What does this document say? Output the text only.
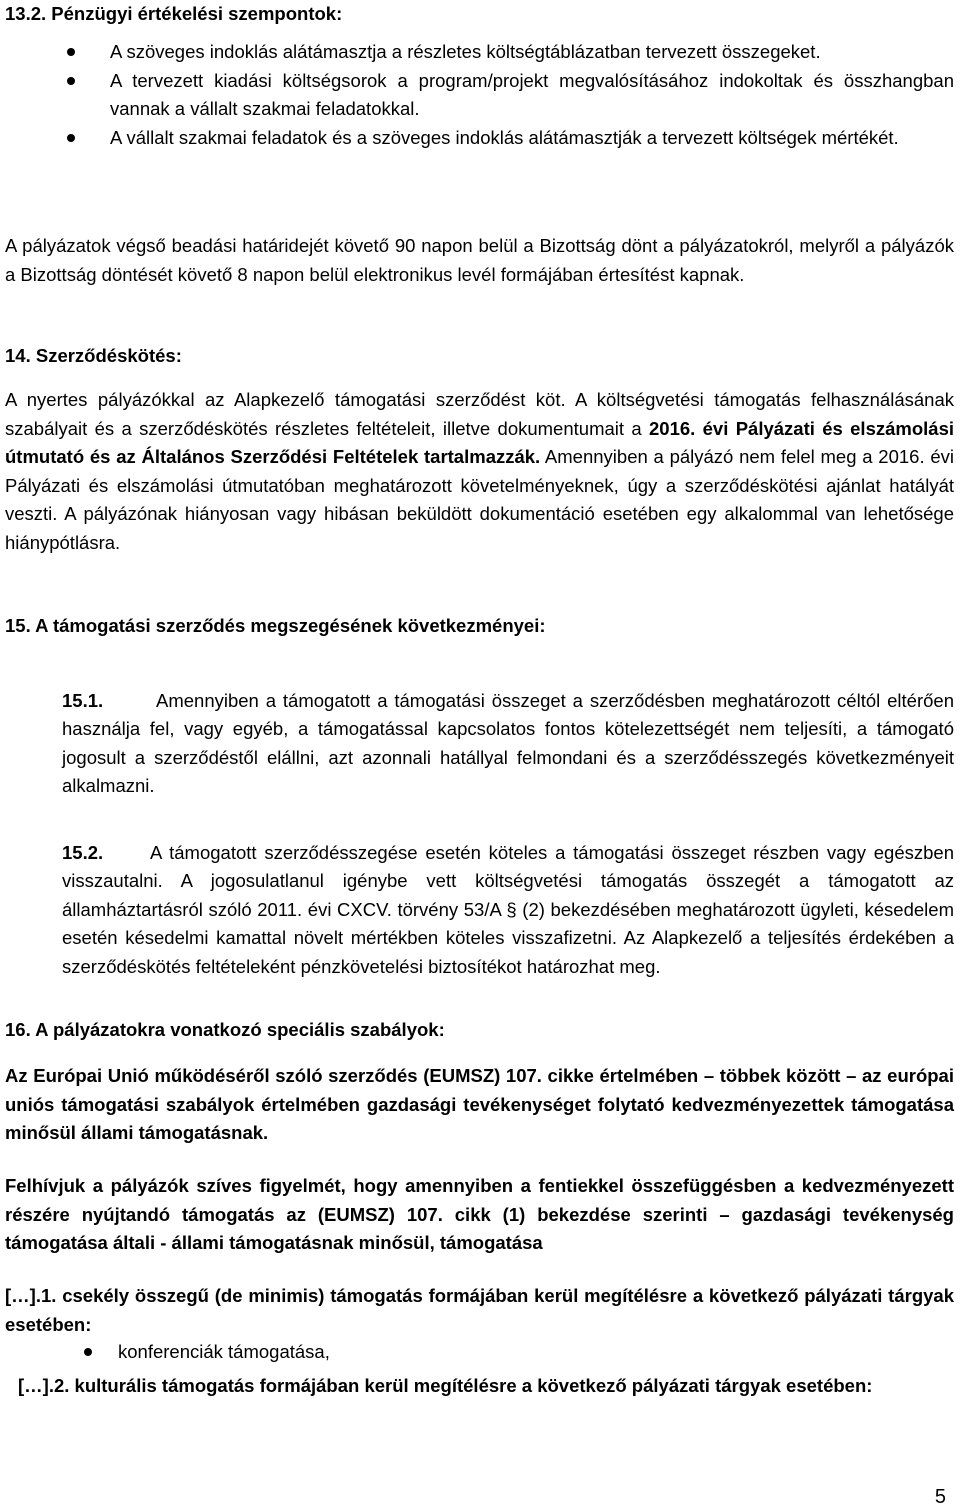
13.2. Pénzügyi értékelési szempontok:
A szöveges indoklás alátámasztja a részletes költségtáblázatban tervezett összegeket.
A tervezett kiadási költségsorok a program/projekt megvalósításához indokoltak és összhangban vannak a vállalt szakmai feladatokkal.
A vállalt szakmai feladatok és a szöveges indoklás alátámasztják a tervezett költségek mértékét.

A pályázatok végső beadási határidejét követő 90 napon belül a Bizottság dönt a pályázatokról, melyről a pályázók a Bizottság döntését követő 8 napon belül elektronikus levél formájában értesítést kapnak.

14. Szerződéskötés:

A nyertes pályázókkal az Alapkezelő támogatási szerződést köt. A költségvetési támogatás felhasználásának szabályait és a szerződéskötés részletes feltételeit, illetve dokumentumait a 2016. évi Pályázati és elszámolási útmutató és az Általános Szerződési Feltételek tartalmazzák. Amennyiben a pályázó nem felel meg a 2016. évi Pályázati és elszámolási útmutatóban meghatározott követelményeknek, úgy a szerződéskötési ajánlat hatályát veszti. A pályázónak hiányosan vagy hibásan beküldött dokumentáció esetében egy alkalommal van lehetősége hiánypótlásra.

15. A támogatási szerződés megszegésének következményei:

15.1.	Amennyiben a támogatott a támogatási összeget a szerződésben meghatározott céltól eltérően használja fel, vagy egyéb, a támogatással kapcsolatos fontos kötelezettségét nem teljesíti, a támogató jogosult a szerződéstől elállni, azt azonnali hatállyal felmondani és a szerződésszegés következményeit alkalmazni.

15.2.	A támogatott szerződésszegése esetén köteles a támogatási összeget részben vagy egészben visszautalni. A jogosulatlanul igénybe vett költségvetési támogatás összegét a támogatott az államháztartásról szóló 2011. évi CXCV. törvény 53/A § (2) bekezdésében meghatározott ügyleti, késedelem esetén késedelmi kamattal növelt mértékben köteles visszafizetni. Az Alapkezelő a teljesítés érdekében a szerződéskötés feltételeként pénzkövetelési biztosítékot határozhat meg.

16. A pályázatokra vonatkozó speciális szabályok:

Az Európai Unió működéséről szóló szerződés (EUMSZ) 107. cikke értelmében – többek között – az európai uniós támogatási szabályok értelmében gazdasági tevékenységet folytató kedvezményezettek támogatása minősül állami támogatásnak.

Felhívjuk a pályázók szíves figyelmét, hogy amennyiben a fentiekkel összefüggésben a kedvezményezett részére nyújtandó támogatás az (EUMSZ) 107. cikk (1) bekezdése szerinti – gazdasági tevékenység támogatása általi - állami támogatásnak minősül, támogatása

[…].1. csekély összegű (de minimis) támogatás formájában kerül megítélésre a következő pályázati tárgyak esetében:

konferenciák támogatása,

[…].2. kulturális támogatás formájában kerül megítélésre a következő pályázati tárgyak esetében:

5
